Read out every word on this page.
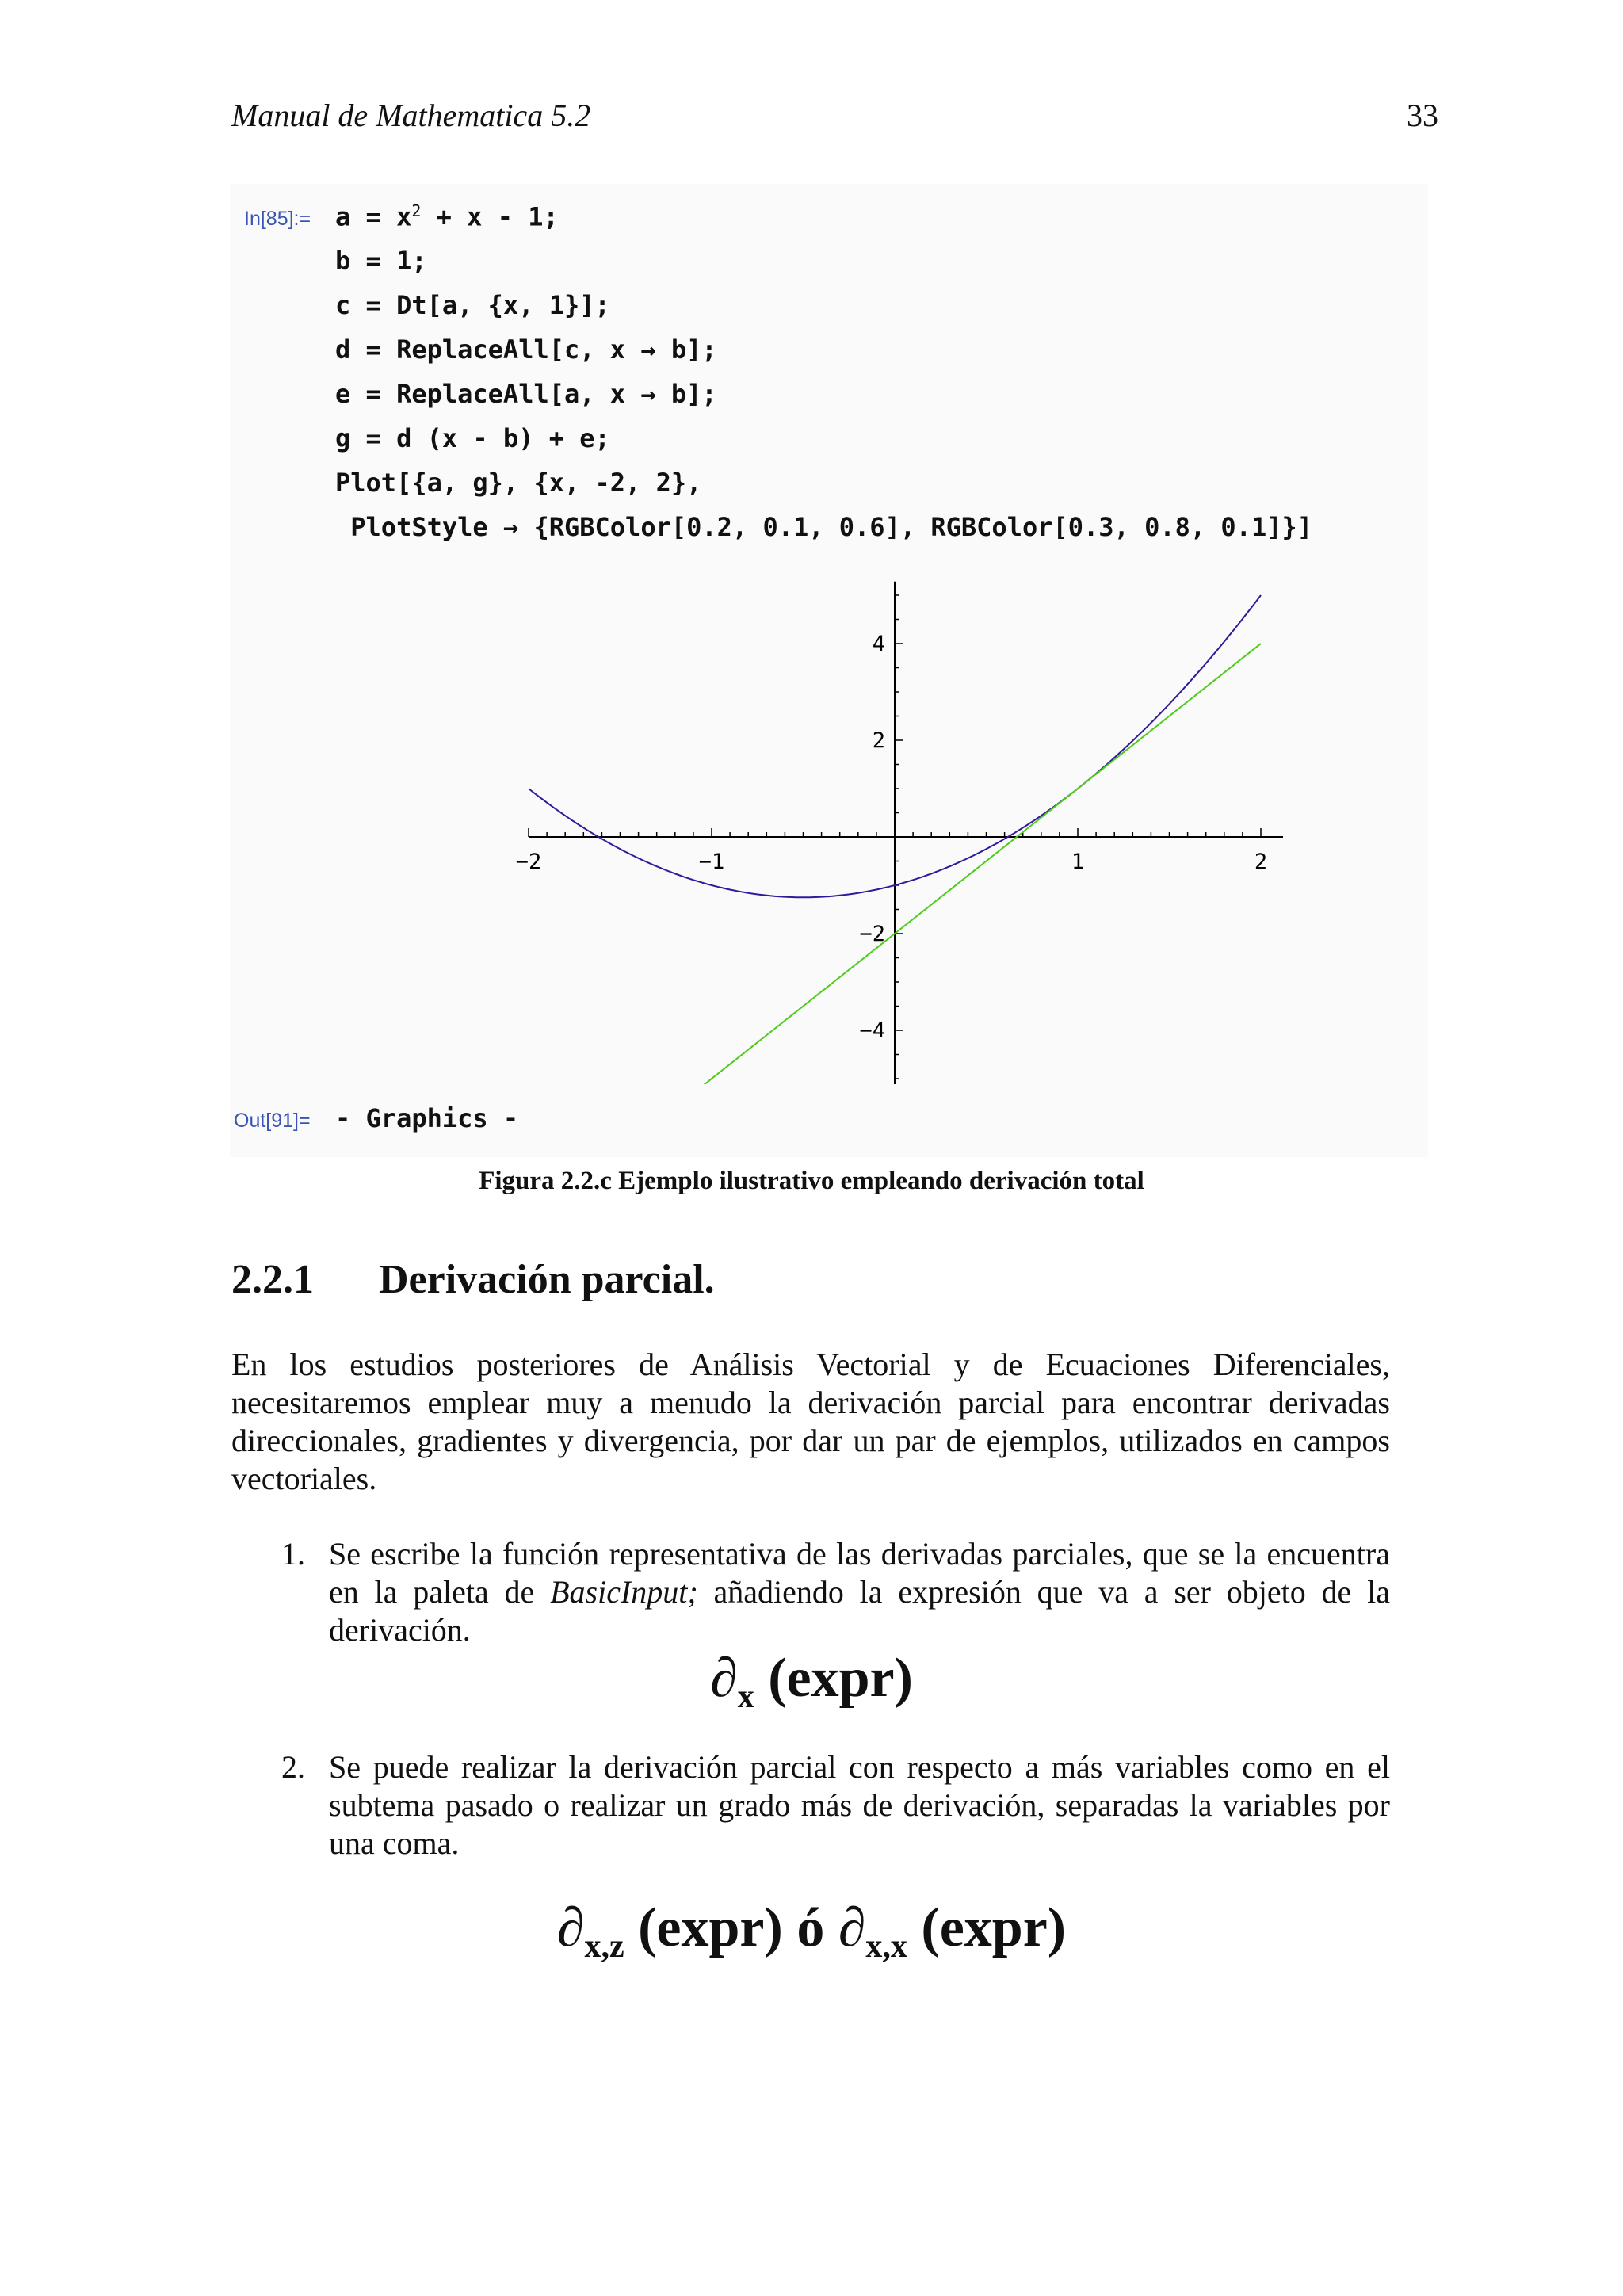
Manual de Mathematica 5.2	33
In[85]:= $a = x^2 + x - 1$;
b = 1;
c = Dt[a, {x, 1}];
d = ReplaceAll[c, x → b];
e = ReplaceAll[a, x → b];
g = d (x - b) + e;
Plot[{a, g}, {x, -2, 2},
PlotStyle → {RGBColor[0.2, 0.1, 0.6], RGBColor[0.3, 0.8, 0.1]}]
Out[91]= - Graphics -
−2	−1	1	2
4
2
−2
−4
Figura 2.2.c Ejemplo ilustrativo empleando derivación total
2.2.1 Derivación parcial.
En los estudios posteriores de Análisis Vectorial y de Ecuaciones Diferenciales, necesitaremos emplear muy a menudo la derivación parcial para encontrar derivadas direccionales, gradientes y divergencia, por dar un par de ejemplos, utilizados en campos vectoriales.
1. Se escribe la función representativa de las derivadas parciales, que se la encuentra en la paleta de BasicInput; añadiendo la expresión que va a ser objeto de la derivación.
$\partial_x$ (expr)
2. Se puede realizar la derivación parcial con respecto a más variables como en el subtema pasado o realizar un grado más de derivación, separadas la variables por una coma.
$\partial_{x,z}$ (expr) ó $\partial_{x,x}$ (expr)
